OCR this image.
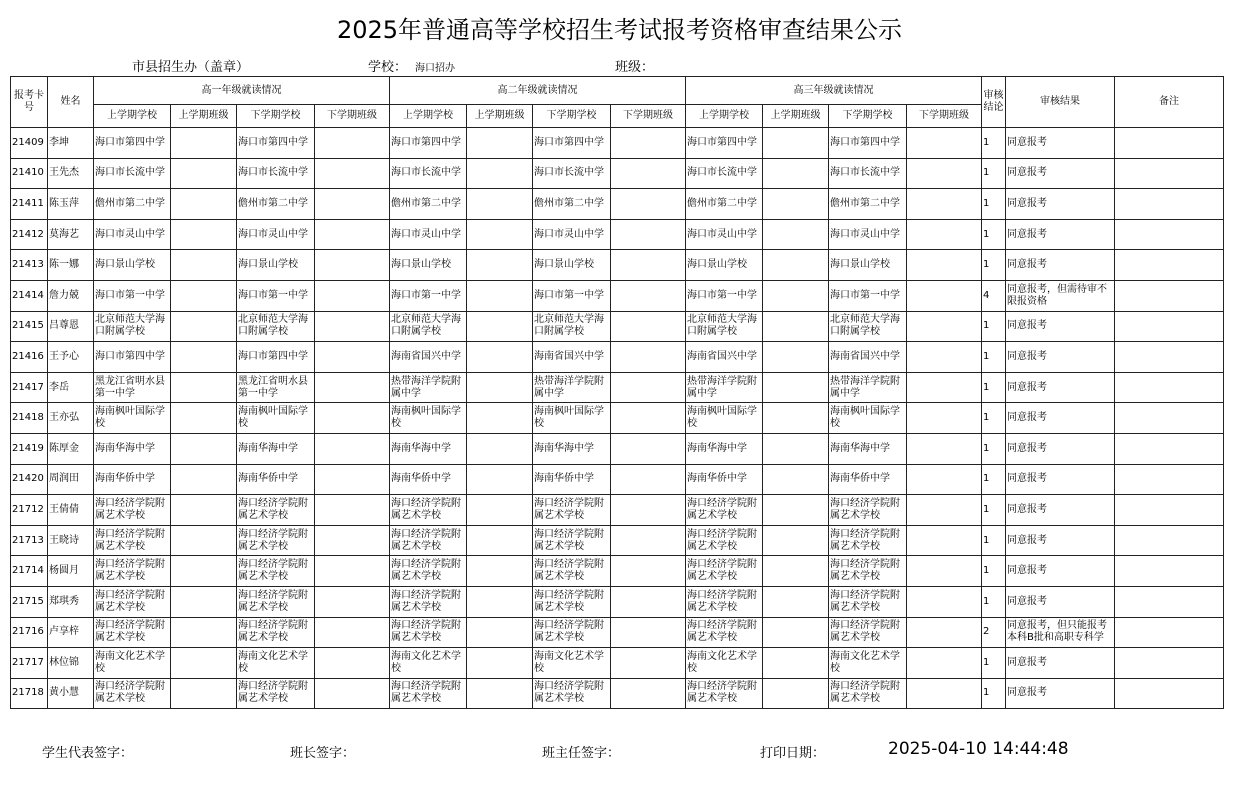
2025年普通高等学校招生考试报考资格审查结果公示
市县招生办（盖章）	学校： 海口招办	班级：
报考卡号	姓名	高一年级就读情况				高二年级就读情况				高三年级就读情况				审核结论	审核结果	备注
		上学期学校	上学期班级	下学期学校	下学期班级	上学期学校	上学期班级	下学期学校	下学期班级	上学期学校	上学期班级	下学期学校	下学期班级			
21409	李坤	海口市第四中学		海口市第四中学		海口市第四中学		海口市第四中学		海口市第四中学		海口市第四中学		1	同意报考	
21410	王先杰	海口市长流中学		海口市长流中学		海口市长流中学		海口市长流中学		海口市长流中学		海口市长流中学		1	同意报考	
21411	陈玉萍	儋州市第二中学		儋州市第二中学		儋州市第二中学		儋州市第二中学		儋州市第二中学		儋州市第二中学		1	同意报考	
21412	莫海艺	海口市灵山中学		海口市灵山中学		海口市灵山中学		海口市灵山中学		海口市灵山中学		海口市灵山中学		1	同意报考	
21413	陈一娜	海口景山学校		海口景山学校		海口景山学校		海口景山学校		海口景山学校		海口景山学校		1	同意报考	
21414	詹力兢	海口市第一中学		海口市第一中学		海口市第一中学		海口市第一中学		海口市第一中学		海口市第一中学		4	同意报考，但需待审不限报资格	
21415	吕尊恩	北京师范大学海口附属学校		北京师范大学海口附属学校		北京师范大学海口附属学校		北京师范大学海口附属学校		北京师范大学海口附属学校		北京师范大学海口附属学校		1	同意报考	
21416	王予心	海口市第四中学		海口市第四中学		海南省国兴中学		海南省国兴中学		海南省国兴中学		海南省国兴中学		1	同意报考	
21417	李岳	黑龙江省明水县第一中学		黑龙江省明水县第一中学		热带海洋学院附属中学		热带海洋学院附属中学		热带海洋学院附属中学		热带海洋学院附属中学		1	同意报考	
21418	王亦弘	海南枫叶国际学校		海南枫叶国际学校		海南枫叶国际学校		海南枫叶国际学校		海南枫叶国际学校		海南枫叶国际学校		1	同意报考	
21419	陈厚金	海南华海中学		海南华海中学		海南华海中学		海南华海中学		海南华海中学		海南华海中学		1	同意报考	
21420	周润田	海南华侨中学		海南华侨中学		海南华侨中学		海南华侨中学		海南华侨中学		海南华侨中学		1	同意报考	
21712	王倩倩	海口经济学院附属艺术学校		海口经济学院附属艺术学校		海口经济学院附属艺术学校		海口经济学院附属艺术学校		海口经济学院附属艺术学校		海口经济学院附属艺术学校		1	同意报考	
21713	王晓诗	海口经济学院附属艺术学校		海口经济学院附属艺术学校		海口经济学院附属艺术学校		海口经济学院附属艺术学校		海口经济学院附属艺术学校		海口经济学院附属艺术学校		1	同意报考	
21714	杨圆月	海口经济学院附属艺术学校		海口经济学院附属艺术学校		海口经济学院附属艺术学校		海口经济学院附属艺术学校		海口经济学院附属艺术学校		海口经济学院附属艺术学校		1	同意报考	
21715	郑琪秀	海口经济学院附属艺术学校		海口经济学院附属艺术学校		海口经济学院附属艺术学校		海口经济学院附属艺术学校		海口经济学院附属艺术学校		海口经济学院附属艺术学校		1	同意报考	
21716	卢享梓	海口经济学院附属艺术学校		海口经济学院附属艺术学校		海口经济学院附属艺术学校		海口经济学院附属艺术学校		海口经济学院附属艺术学校		海口经济学院附属艺术学校		2	同意报考，但只能报考本科B批和高职专科学	
21717	林位锦	海南文化艺术学校		海南文化艺术学校		海南文化艺术学校		海南文化艺术学校		海南文化艺术学校		海南文化艺术学校		1	同意报考	
21718	黄小慧	海口经济学院附属艺术学校		海口经济学院附属艺术学校		海口经济学院附属艺术学校		海口经济学院附属艺术学校		海口经济学院附属艺术学校		海口经济学院附属艺术学校		1	同意报考	
学生代表签字：	班长签字：	班主任签字：	打印日期：	2025-04-10 14:44:48
